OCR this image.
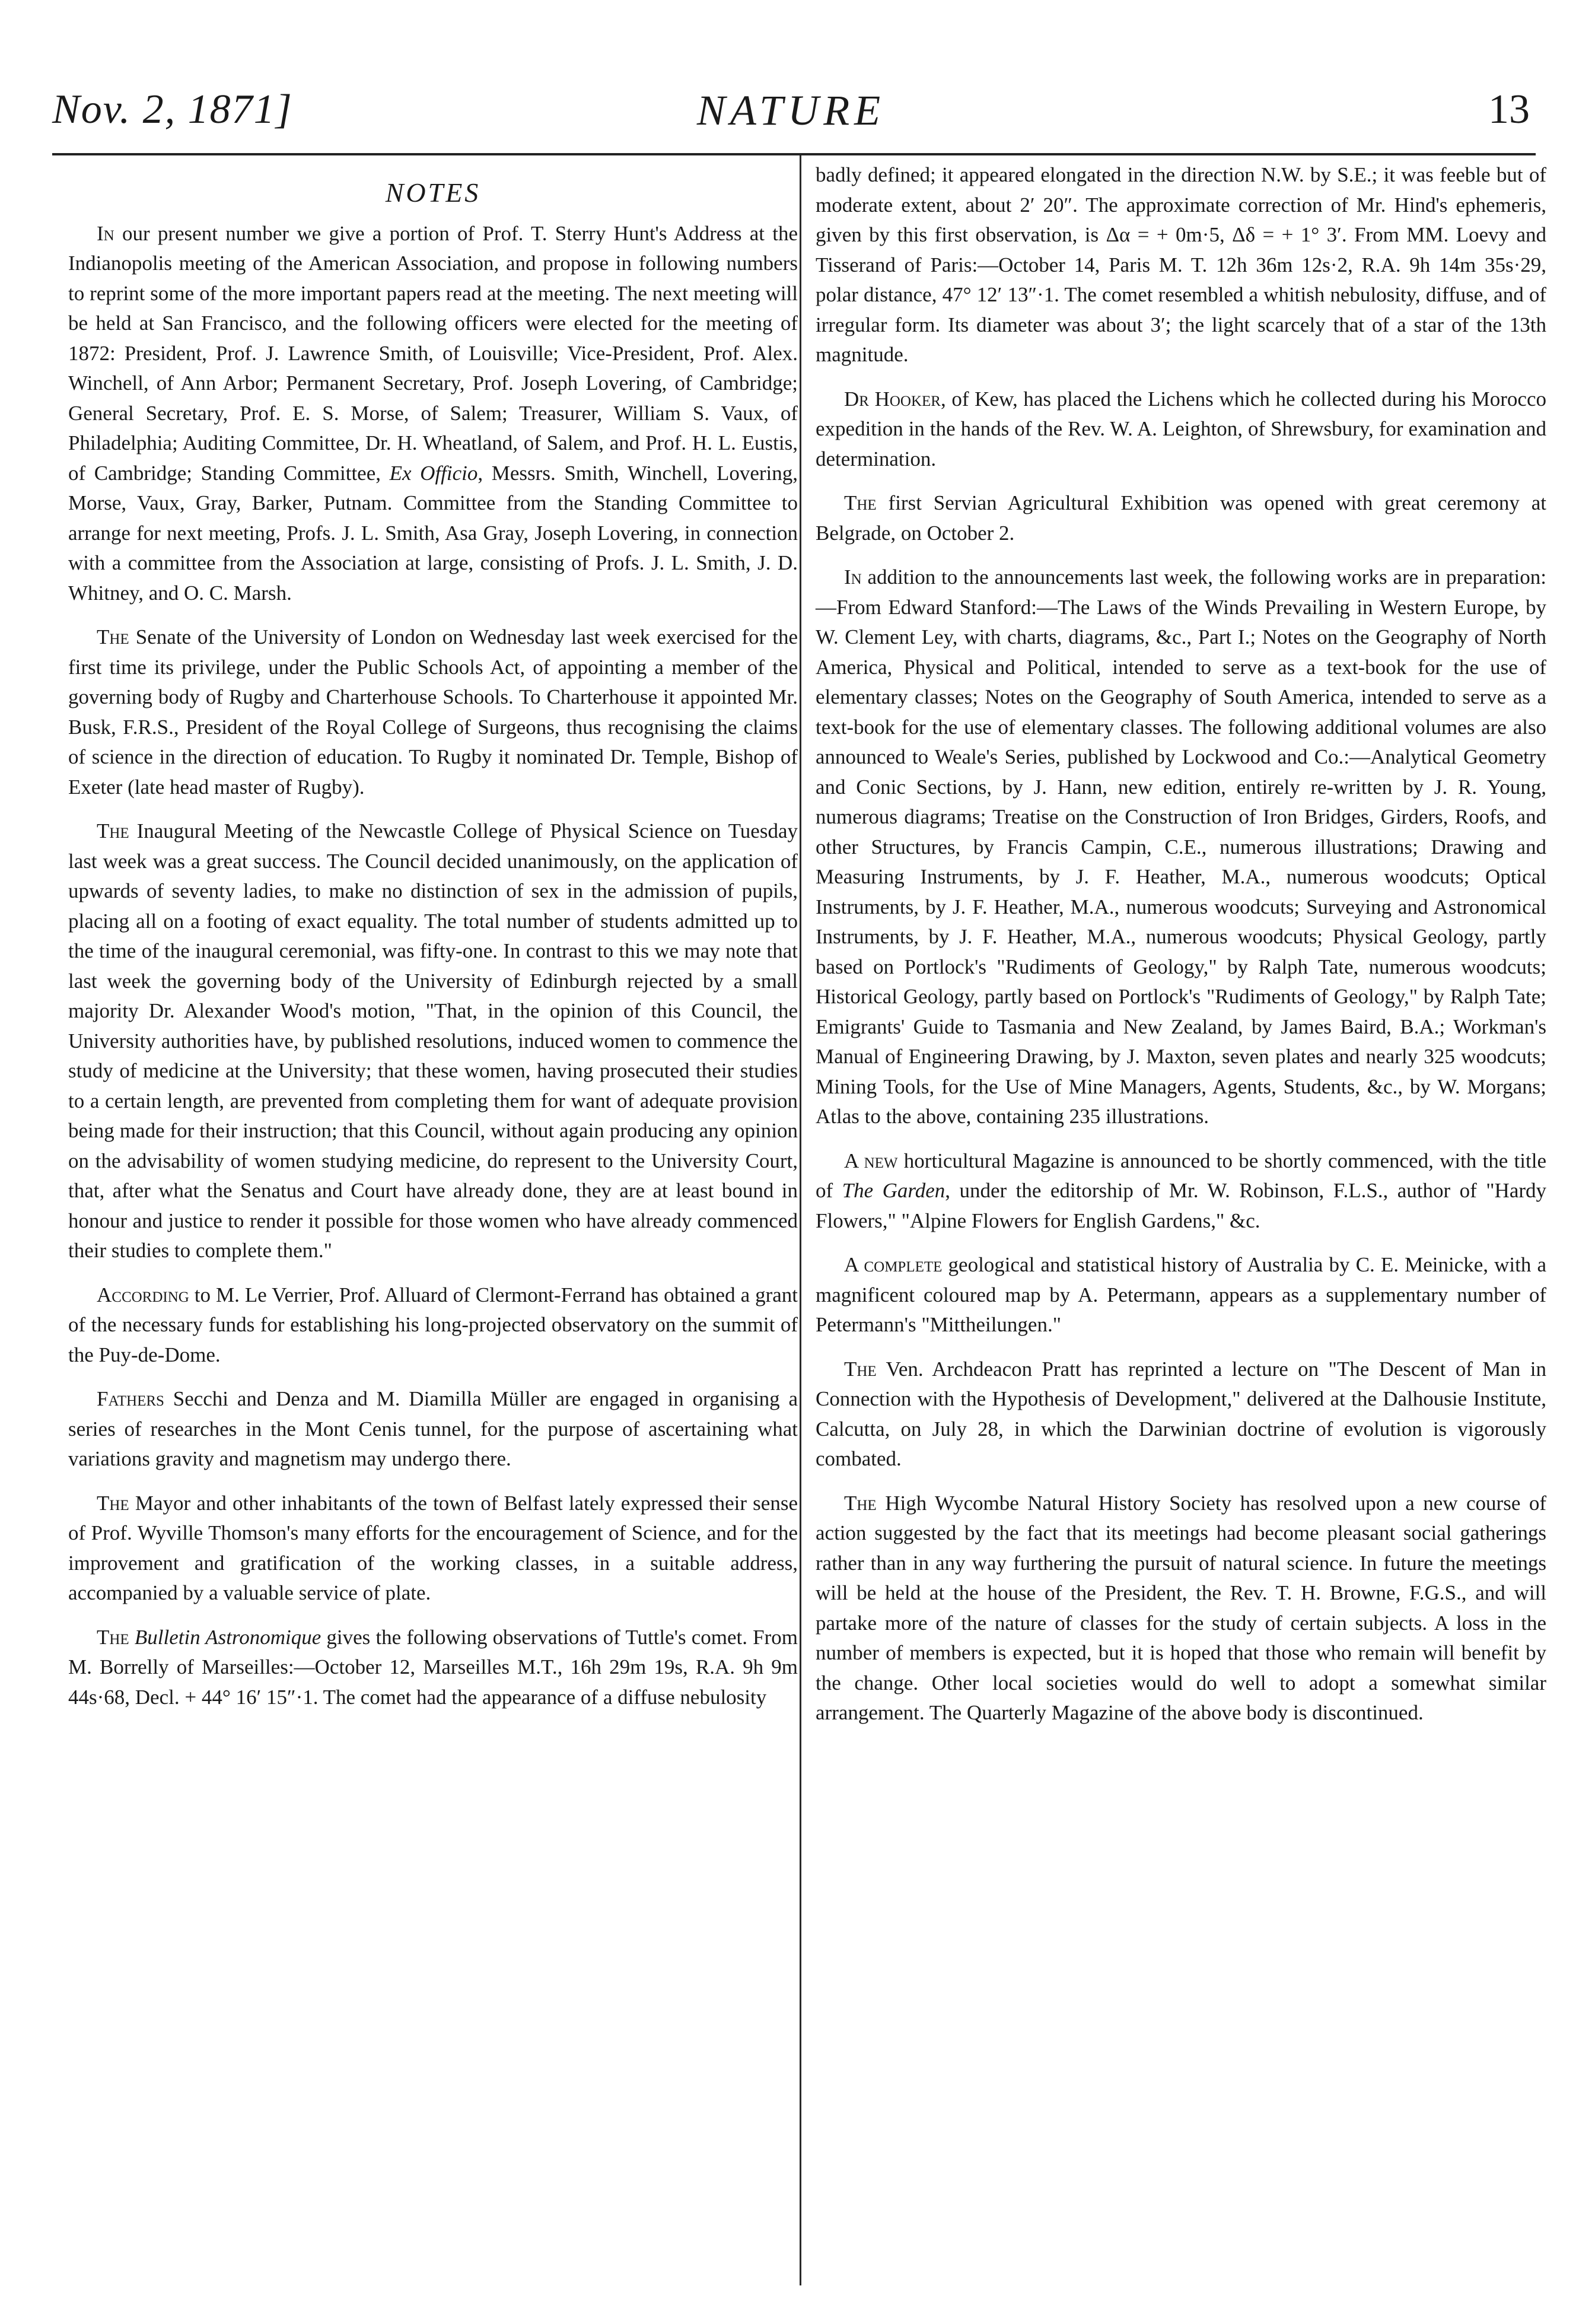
Nov. 2, 1871]	NATURE	13
NOTES

In our present number we give a portion of Prof. T. Sterry Hunt's Address at the Indianopolis meeting of the American Association, and propose in following numbers to reprint some of the more important papers read at the meeting. The next meeting will be held at San Francisco, and the following officers were elected for the meeting of 1872: President, Prof. J. Lawrence Smith, of Louisville; Vice-President, Prof. Alex. Winchell, of Ann Arbor; Permanent Secretary, Prof. Joseph Lovering, of Cambridge; General Secretary, Prof. E. S. Morse, of Salem; Treasurer, William S. Vaux, of Philadelphia; Auditing Committee, Dr. H. Wheatland, of Salem, and Prof. H. L. Eustis, of Cambridge; Standing Committee, Ex Officio, Messrs. Smith, Winchell, Lovering, Morse, Vaux, Gray, Barker, Putnam. Committee from the Standing Committee to arrange for next meeting, Profs. J. L. Smith, Asa Gray, Joseph Lovering, in connection with a committee from the Association at large, consisting of Profs. J. L. Smith, J. D. Whitney, and O. C. Marsh.

The Senate of the University of London on Wednesday last week exercised for the first time its privilege, under the Public Schools Act, of appointing a member of the governing body of Rugby and Charterhouse Schools. To Charterhouse it appointed Mr. Busk, F.R.S., President of the Royal College of Surgeons, thus recognising the claims of science in the direction of education. To Rugby it nominated Dr. Temple, Bishop of Exeter (late head master of Rugby).

The Inaugural Meeting of the Newcastle College of Physical Science on Tuesday last week was a great success. The Council decided unanimously, on the application of upwards of seventy ladies, to make no distinction of sex in the admission of pupils, placing all on a footing of exact equality. The total number of students admitted up to the time of the inaugural ceremonial, was fifty-one. In contrast to this we may note that last week the governing body of the University of Edinburgh rejected by a small majority Dr. Alexander Wood's motion, "That, in the opinion of this Council, the University authorities have, by published resolutions, induced women to commence the study of medicine at the University; that these women, having prosecuted their studies to a certain length, are prevented from completing them for want of adequate provision being made for their instruction; that this Council, without again producing any opinion on the advisability of women studying medicine, do represent to the University Court, that, after what the Senatus and Court have already done, they are at least bound in honour and justice to render it possible for those women who have already commenced their studies to complete them."

According to M. Le Verrier, Prof. Alluard of Clermont-Ferrand has obtained a grant of the necessary funds for establishing his long-projected observatory on the summit of the Puy-de-Dome.

Fathers Secchi and Denza and M. Diamilla Müller are engaged in organising a series of researches in the Mont Cenis tunnel, for the purpose of ascertaining what variations gravity and magnetism may undergo there.

The Mayor and other inhabitants of the town of Belfast lately expressed their sense of Prof. Wyville Thomson's many efforts for the encouragement of Science, and for the improvement and gratification of the working classes, in a suitable address, accompanied by a valuable service of plate.

The Bulletin Astronomique gives the following observations of Tuttle's comet. From M. Borrelly of Marseilles:—October 12, Marseilles M.T., 16h 29m 19s, R.A. 9h 9m 44s·68, Decl. + 44° 16′ 15″·1. The comet had the appearance of a diffuse nebulosity

badly defined; it appeared elongated in the direction N.W. by S.E.; it was feeble but of moderate extent, about 2′ 20″. The approximate correction of Mr. Hind's ephemeris, given by this first observation, is Δα = + 0m·5, Δδ = + 1° 3′. From MM. Loevy and Tisserand of Paris:—October 14, Paris M. T. 12h 36m 12s·2, R.A. 9h 14m 35s·29, polar distance, 47° 12′ 13″·1. The comet resembled a whitish nebulosity, diffuse, and of irregular form. Its diameter was about 3′; the light scarcely that of a star of the 13th magnitude.

Dr Hooker, of Kew, has placed the Lichens which he collected during his Morocco expedition in the hands of the Rev. W. A. Leighton, of Shrewsbury, for examination and determination.

The first Servian Agricultural Exhibition was opened with great ceremony at Belgrade, on October 2.

In addition to the announcements last week, the following works are in preparation:—From Edward Stanford:—The Laws of the Winds Prevailing in Western Europe, by W. Clement Ley, with charts, diagrams, &c., Part I.; Notes on the Geography of North America, Physical and Political, intended to serve as a text-book for the use of elementary classes; Notes on the Geography of South America, intended to serve as a text-book for the use of elementary classes. The following additional volumes are also announced to Weale's Series, published by Lockwood and Co.:—Analytical Geometry and Conic Sections, by J. Hann, new edition, entirely re-written by J. R. Young, numerous diagrams; Treatise on the Construction of Iron Bridges, Girders, Roofs, and other Structures, by Francis Campin, C.E., numerous illustrations; Drawing and Measuring Instruments, by J. F. Heather, M.A., numerous woodcuts; Optical Instruments, by J. F. Heather, M.A., numerous woodcuts; Surveying and Astronomical Instruments, by J. F. Heather, M.A., numerous woodcuts; Physical Geology, partly based on Portlock's "Rudiments of Geology," by Ralph Tate, numerous woodcuts; Historical Geology, partly based on Portlock's "Rudiments of Geology," by Ralph Tate; Emigrants' Guide to Tasmania and New Zealand, by James Baird, B.A.; Workman's Manual of Engineering Drawing, by J. Maxton, seven plates and nearly 325 woodcuts; Mining Tools, for the Use of Mine Managers, Agents, Students, &c., by W. Morgans; Atlas to the above, containing 235 illustrations.

A new horticultural Magazine is announced to be shortly commenced, with the title of The Garden, under the editorship of Mr. W. Robinson, F.L.S., author of "Hardy Flowers," "Alpine Flowers for English Gardens," &c.

A complete geological and statistical history of Australia by C. E. Meinicke, with a magnificent coloured map by A. Petermann, appears as a supplementary number of Petermann's "Mittheilungen."

The Ven. Archdeacon Pratt has reprinted a lecture on "The Descent of Man in Connection with the Hypothesis of Development," delivered at the Dalhousie Institute, Calcutta, on July 28, in which the Darwinian doctrine of evolution is vigorously combated.

The High Wycombe Natural History Society has resolved upon a new course of action suggested by the fact that its meetings had become pleasant social gatherings rather than in any way furthering the pursuit of natural science. In future the meetings will be held at the house of the President, the Rev. T. H. Browne, F.G.S., and will partake more of the nature of classes for the study of certain subjects. A loss in the number of members is expected, but it is hoped that those who remain will benefit by the change. Other local societies would do well to adopt a somewhat similar arrangement. The Quarterly Magazine of the above body is discontinued.
